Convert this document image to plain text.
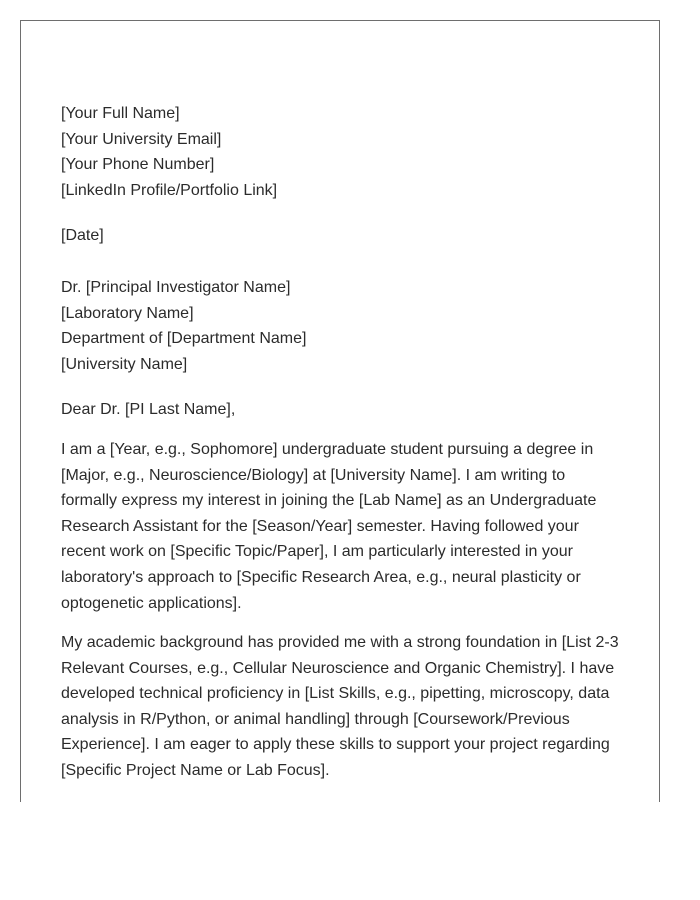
[Your Full Name]
[Your University Email]
[Your Phone Number]
[LinkedIn Profile/Portfolio Link]
[Date]
Dr. [Principal Investigator Name]
[Laboratory Name]
Department of [Department Name]
[University Name]
Dear Dr. [PI Last Name],
I am a [Year, e.g., Sophomore] undergraduate student pursuing a degree in
[Major, e.g., Neuroscience/Biology] at [University Name]. I am writing to
formally express my interest in joining the [Lab Name] as an Undergraduate
Research Assistant for the [Season/Year] semester. Having followed your
recent work on [Specific Topic/Paper], I am particularly interested in your
laboratory's approach to [Specific Research Area, e.g., neural plasticity or
optogenetic applications].
My academic background has provided me with a strong foundation in [List 2-3
Relevant Courses, e.g., Cellular Neuroscience and Organic Chemistry]. I have
developed technical proficiency in [List Skills, e.g., pipetting, microscopy, data
analysis in R/Python, or animal handling] through [Coursework/Previous
Experience]. I am eager to apply these skills to support your project regarding
[Specific Project Name or Lab Focus].
